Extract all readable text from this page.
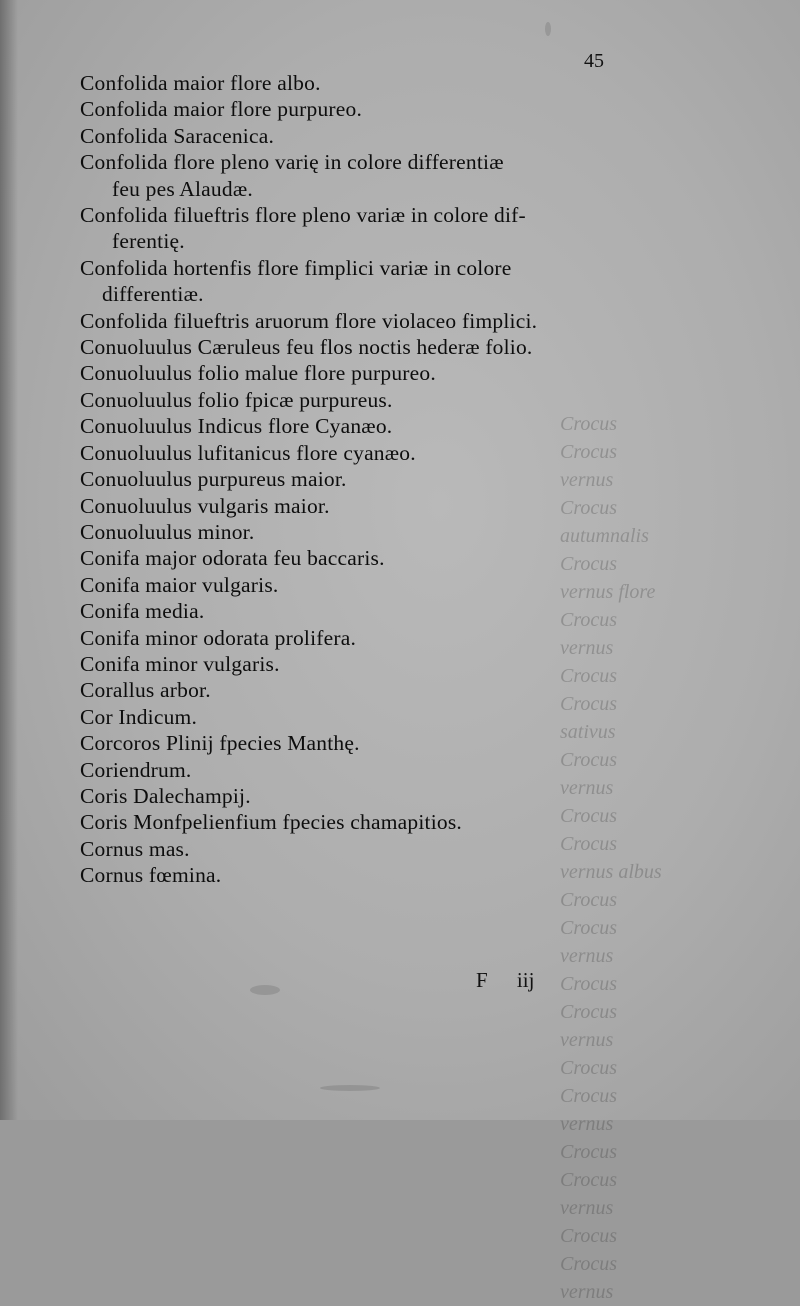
Crocus
Crocus vernus
Crocus autumnalis
Crocus vernus flore
Crocus vernus
Crocus
Crocus sativus
Crocus vernus
Crocus
Crocus vernus albus
Crocus
Crocus vernus
Crocus
Crocus vernus
Crocus
Crocus vernus
Crocus
Crocus vernus
Crocus
Crocus vernus
45
Confolida maior flore albo.
Confolida maior flore purpureo.
Confolida Saracenica.
Confolida flore pleno varię in colore differentiæ
feu pes Alaudæ.
Confolida filueftris flore pleno variæ in colore dif-
ferentię.
Confolida hortenfis flore fimplici variæ in colore
differentiæ.
Confolida filueftris aruorum flore violaceo fimplici.
Conuoluulus Cæruleus feu flos noctis hederæ folio.
Conuoluulus folio malue flore purpureo.
Conuoluulus folio fpicæ purpureus.
Conuoluulus Indicus flore Cyanæo.
Conuoluulus lufitanicus flore cyanæo.
Conuoluulus purpureus maior.
Conuoluulus vulgaris maior.
Conuoluulus minor.
Conifa major odorata feu baccaris.
Conifa maior vulgaris.
Conifa media.
Conifa minor odorata prolifera.
Conifa minor vulgaris.
Corallus arbor.
Cor Indicum.
Corcoros Plinij fpecies Manthę.
Coriendrum.
Coris Dalechampij.
Coris Monfpelienfium fpecies chamapitios.
Cornus mas.
Cornus fœmina.
F iij
